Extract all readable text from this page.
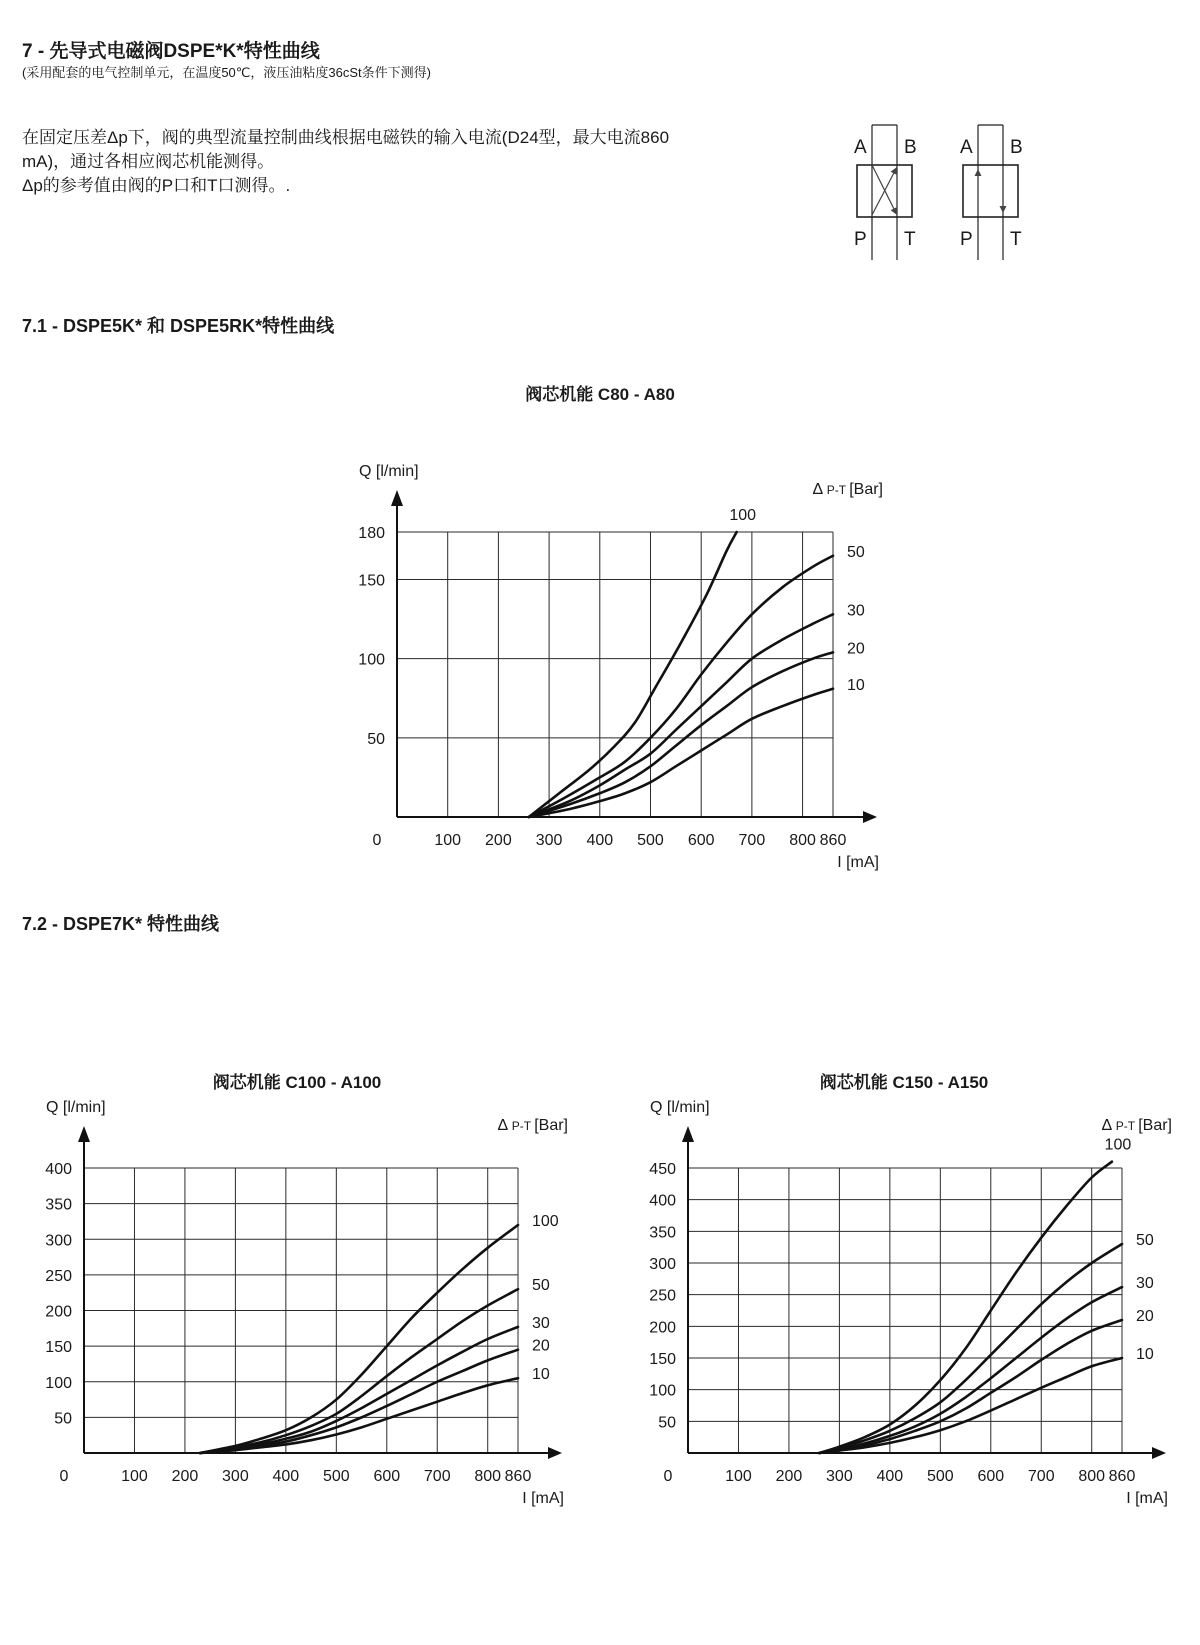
7 - 先导式电磁阀DSPE*K*特性曲线
(采用配套的电气控制单元，在温度50℃，液压油粘度36cSt条件下测得)
在固定压差Δp下，阀的典型流量控制曲线根据电磁铁的输入电流(D24型，最大电流860
mA)，通过各相应阀芯机能测得。
Δp的参考值由阀的P口和T口测得。.
A B
P T
A B
P T
7.1 - DSPE5K* 和 DSPE5RK*特性曲线
7.2 - DSPE7K* 特性曲线
阀芯机能 C80 - A80
100 200 300 400 500 600 700 800 860
50
100
150
180
0
Q [l/min]
I [mA]
Δ P-T [Bar]
100
50
30
20
10
阀芯机能 C100 - A100
100 200 300 400 500 600 700 800 860
50
100
150
200
250
300
350
400
0
Q [l/min]
I [mA]
Δ P-T [Bar]
100
50
30
20
10
阀芯机能 C150 - A150
100 200 300 400 500 600 700 800 860
50
100
150
200
250
300
350
400
450
0
Q [l/min]
I [mA]
Δ P-T [Bar]
100
50
30
20
10
